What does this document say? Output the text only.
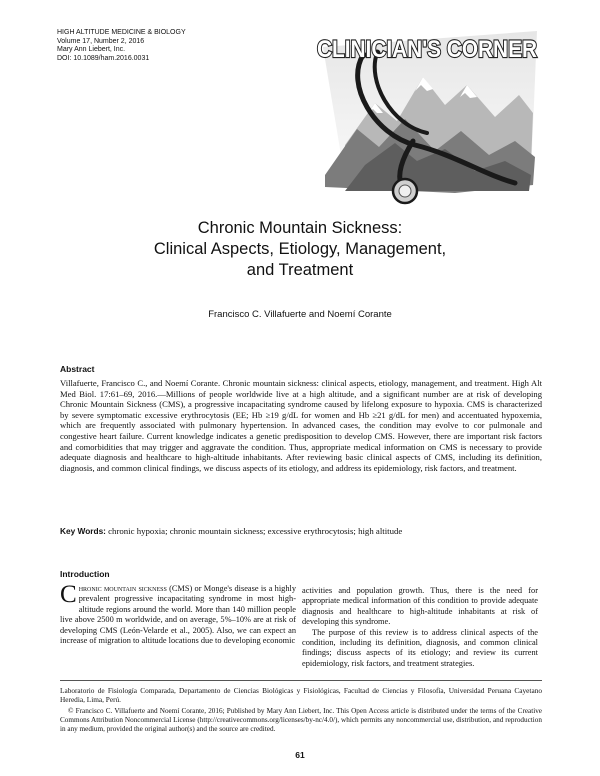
HIGH ALTITUDE MEDICINE & BIOLOGY
Volume 17, Number 2, 2016
Mary Ann Liebert, Inc.
DOI: 10.1089/ham.2016.0031	CLINICIAN'S CORNER
Chronic Mountain Sickness:
Clinical Aspects, Etiology, Management,
and Treatment
Francisco C. Villafuerte and Noemí Corante
Abstract
Villafuerte, Francisco C., and Noemí Corante. Chronic mountain sickness: clinical aspects, etiology, management, and treatment. High Alt Med Biol. 17:61–69, 2016.—Millions of people worldwide live at a high altitude, and a significant number are at risk of developing Chronic Mountain Sickness (CMS), a progressive incapacitating syndrome caused by lifelong exposure to hypoxia. CMS is characterized by severe symptomatic excessive erythrocytosis (EE; Hb ≥19 g/dL for women and Hb ≥21 g/dL for men) and accentuated hypoxemia, which are frequently associated with pulmonary hypertension. In advanced cases, the condition may evolve to cor pulmonale and congestive heart failure. Current knowledge indicates a genetic predisposition to develop CMS. However, there are important risk factors and comorbidities that may trigger and aggravate the condition. Thus, appropriate medical information on CMS is necessary to provide adequate diagnosis and healthcare to high-altitude inhabitants. After reviewing basic clinical aspects of CMS, including its definition, diagnosis, and common clinical findings, we discuss aspects of its etiology, and address its epidemiology, risk factors, and treatment.
Key Words: chronic hypoxia; chronic mountain sickness; excessive erythrocytosis; high altitude
Introduction
Chronic mountain sickness (CMS) or Monge's disease is a highly prevalent progressive incapacitating syndrome in most high-altitude regions around the world. More than 140 million people live above 2500 m worldwide, and on average, 5%–10% are at risk of developing CMS (León-Velarde et al., 2005). Also, we can expect an increase of migration to altitude locations due to developing economic
activities and population growth. Thus, there is the need for appropriate medical information of this condition to provide adequate diagnosis and healthcare to high-altitude inhabitants at risk of developing this syndrome.
The purpose of this review is to address clinical aspects of the condition, including its definition, diagnosis, and common clinical findings; discuss aspects of its etiology; and review its current epidemiology, risk factors, and treatment strategies.
Laboratorio de Fisiología Comparada, Departamento de Ciencias Biológicas y Fisiológicas, Facultad de Ciencias y Filosofía, Universidad Peruana Cayetano Heredia, Lima, Perú.
© Francisco C. Villafuerte and Noemí Corante, 2016; Published by Mary Ann Liebert, Inc. This Open Access article is distributed under the terms of the Creative Commons Attribution Noncommercial License (http://creativecommons.org/licenses/by-nc/4.0/), which permits any noncommercial use, distribution, and reproduction in any medium, provided the original author(s) and the source are credited.
61
